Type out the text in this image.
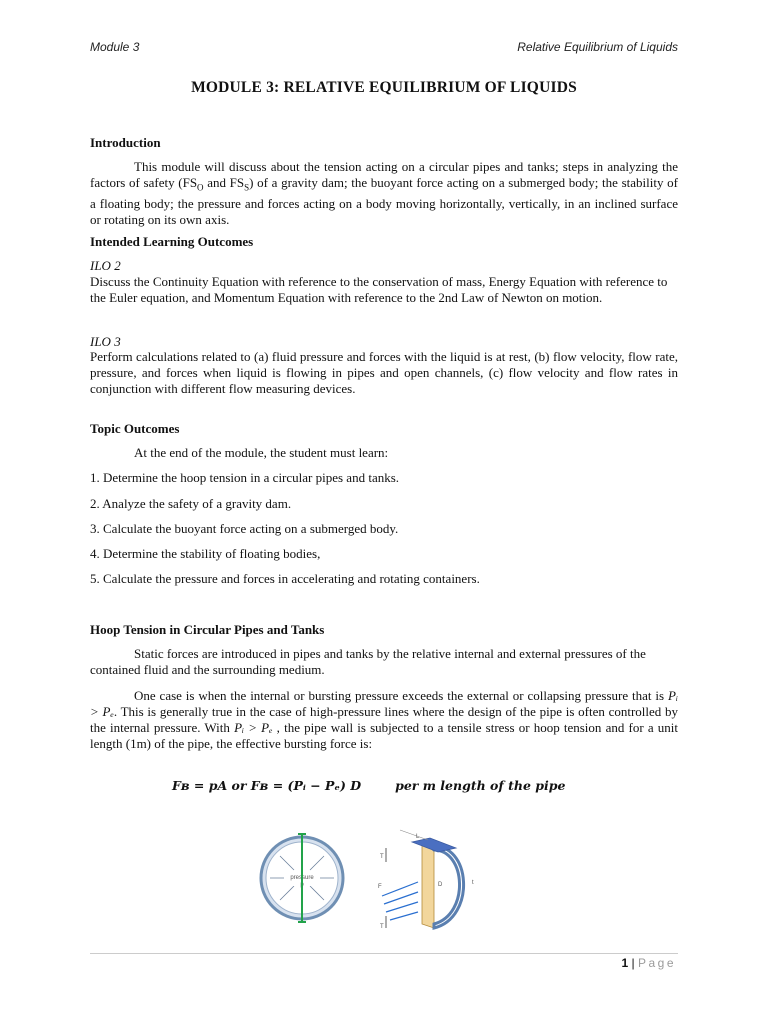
Module 3	Relative Equilibrium of Liquids
MODULE 3: RELATIVE EQUILIBRIUM OF LIQUIDS
Introduction
This module will discuss about the tension acting on a circular pipes and tanks; steps in analyzing the factors of safety ($FS_O$ and $FS_S$) of a gravity dam; the buoyant force acting on a submerged body; the stability of a floating body; the pressure and forces acting on a body moving horizontally, vertically, in an inclined surface or rotating on its own axis.
Intended Learning Outcomes
ILO 2
Discuss the Continuity Equation with reference to the conservation of mass, Energy Equation with reference to the Euler equation, and Momentum Equation with reference to the 2nd Law of Newton on motion.
ILO 3
Perform calculations related to (a) fluid pressure and forces with the liquid is at rest, (b) flow velocity, flow rate, pressure, and forces when liquid is flowing in pipes and open channels, (c) flow velocity and flow rates in conjunction with different flow measuring devices.
Topic Outcomes
At the end of the module, the student must learn:
1. Determine the hoop tension in a circular pipes and tanks.
2. Analyze the safety of a gravity dam.
3. Calculate the buoyant force acting on a submerged body.
4. Determine the stability of floating bodies,
5. Calculate the pressure and forces in accelerating and rotating containers.
Hoop Tension in Circular Pipes and Tanks
Static forces are introduced in pipes and tanks by the relative internal and external pressures of the contained fluid and the surrounding medium.
One case is when the internal or bursting pressure exceeds the external or collapsing pressure that is Pᵢ > Pₑ. This is generally true in the case of high-pressure lines where the design of the pipe is often controlled by the internal pressure. With Pᵢ > Pₑ , the pipe wall is subjected to a tensile stress or hoop tension and for a unit length (1m) of the pipe, the effective bursting force is:
Fʙ = pA or Fʙ = (Pᵢ − Pₑ) D	per m length of the pipe
pressure
p
L
T
T
F	D	t
1 | Page
